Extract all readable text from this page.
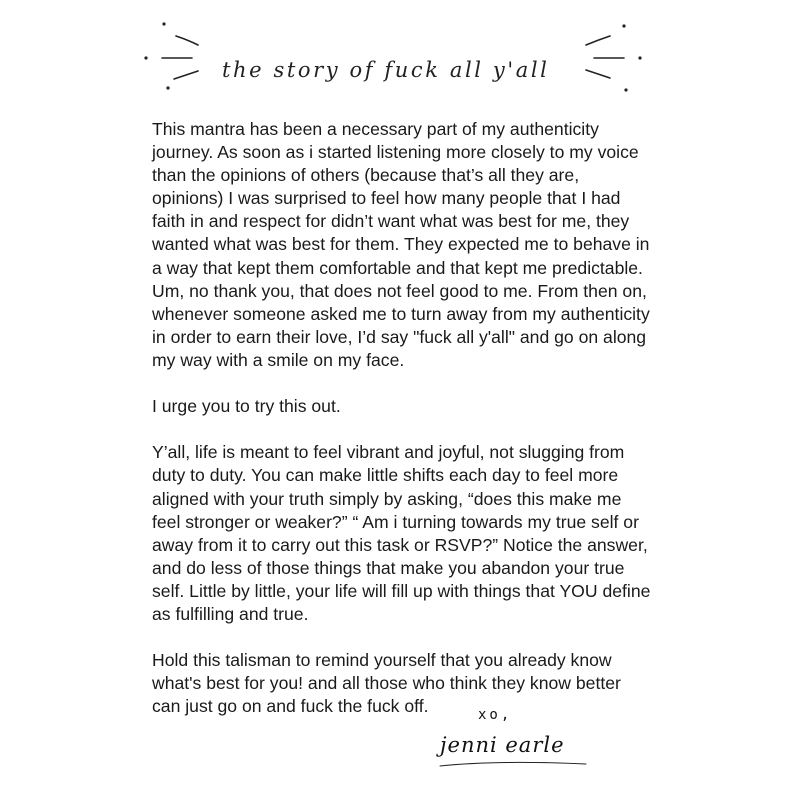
the story of fuck all y'all

This mantra has been a necessary part of my authenticity journey. As soon as i started listening more closely to my voice than the opinions of others (because that’s all they are, opinions) I was surprised to feel how many people that I had faith in and respect for didn’t want what was best for me, they wanted what was best for them. They expected me to behave in a way that kept them comfortable and that kept me predictable. Um, no thank you, that does not feel good to me. From then on, whenever someone asked me to turn away from my authenticity in order to earn their love, I’d say "fuck all y'all" and go on along my way with a smile on my face.

I urge you to try this out.

Y’all, life is meant to feel vibrant and joyful, not slugging from duty to duty. You can make little shifts each day to feel more aligned with your truth simply by asking, “does this make me feel stronger or weaker?” “ Am i turning towards my true self or away from it to carry out this task or RSVP?” Notice the answer, and do less of those things that make you abandon your true self. Little by little, your life will fill up with things that YOU define as fulfilling and true.

Hold this talisman to remind yourself that you already know what's best for you! and all those who think they know better can just go on and fuck the fuck off.	xo,
jenni earle
